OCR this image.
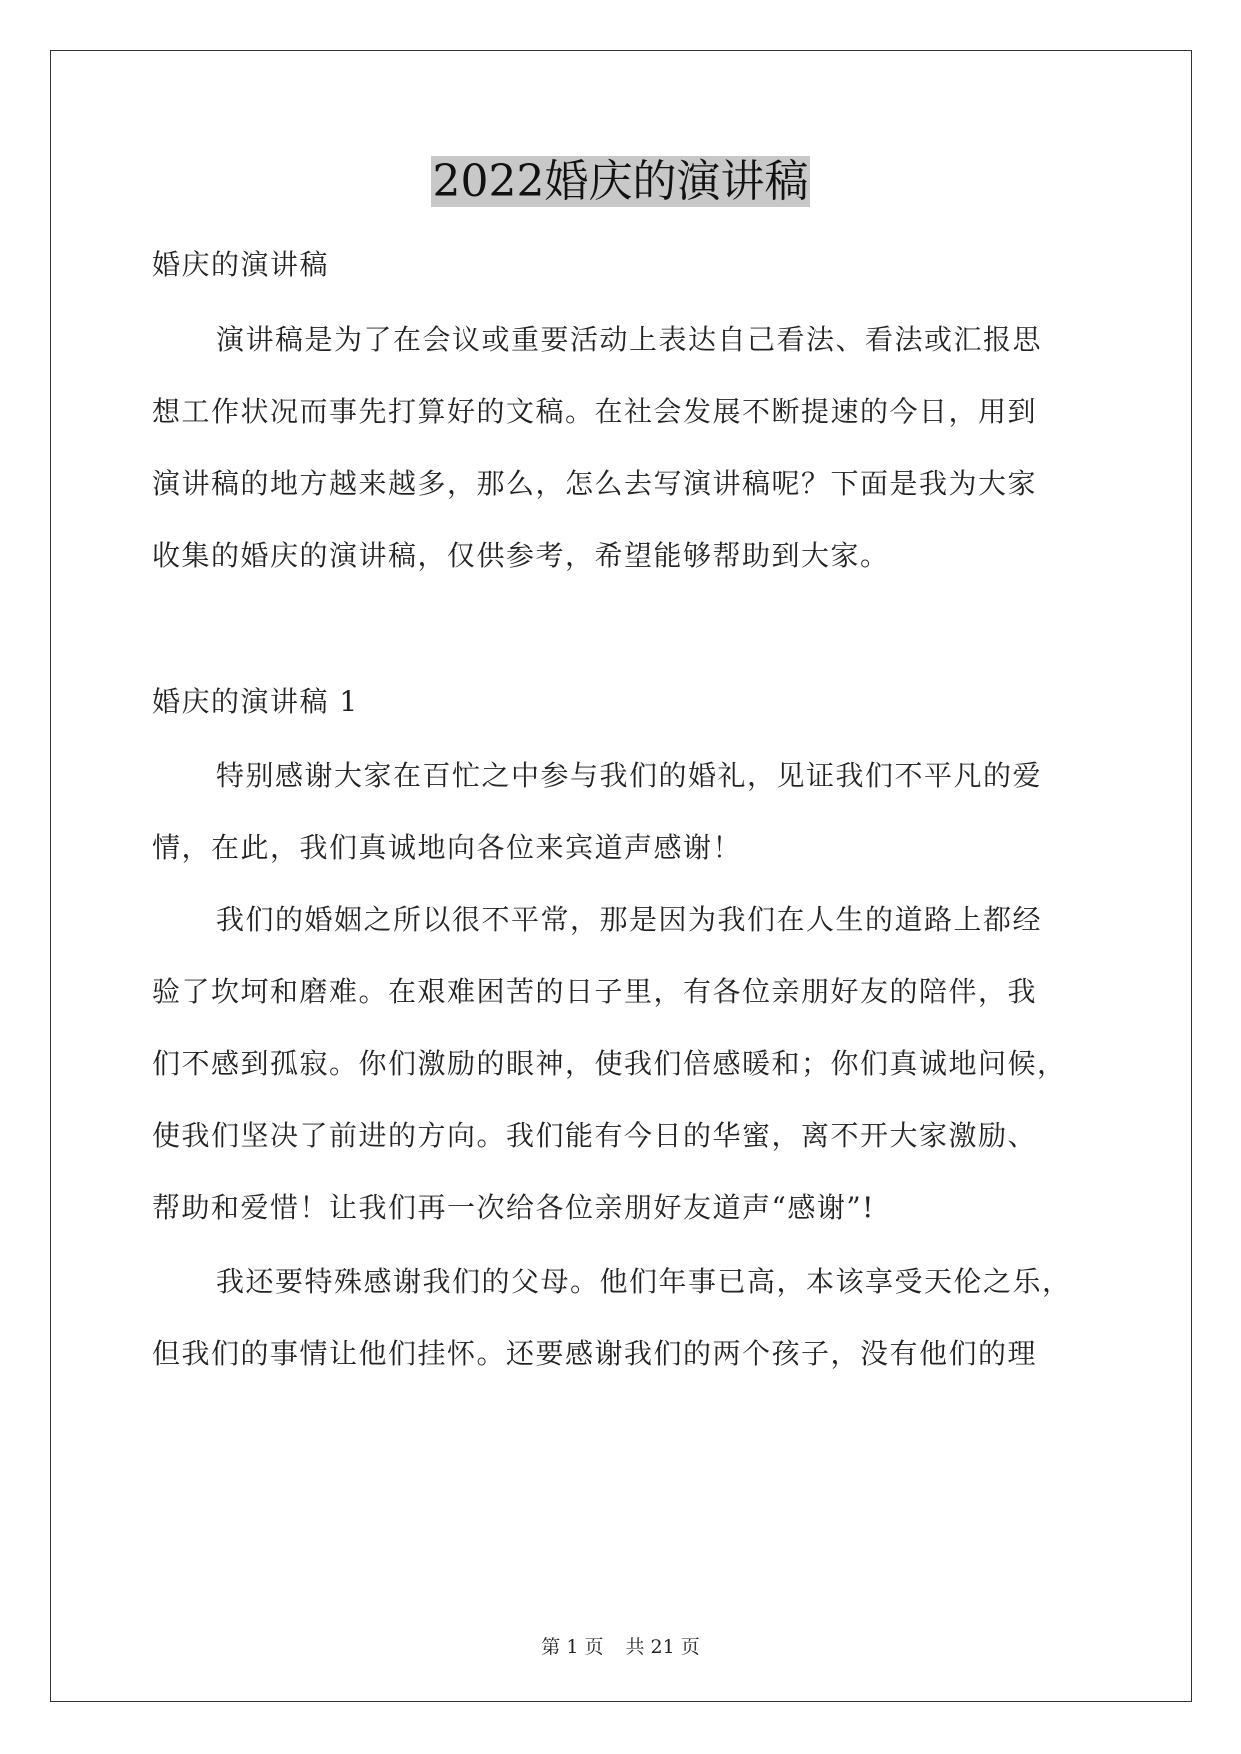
2022婚庆的演讲稿
婚庆的演讲稿
演讲稿是为了在会议或重要活动上表达自己看法、看法或汇报思
想工作状况而事先打算好的文稿。在社会发展不断提速的今日，用到
演讲稿的地方越来越多，那么，怎么去写演讲稿呢？下面是我为大家
收集的婚庆的演讲稿，仅供参考，希望能够帮助到大家。
婚庆的演讲稿 1
特别感谢大家在百忙之中参与我们的婚礼，见证我们不平凡的爱
情，在此，我们真诚地向各位来宾道声感谢！
我们的婚姻之所以很不平常，那是因为我们在人生的道路上都经
验了坎坷和磨难。在艰难困苦的日子里，有各位亲朋好友的陪伴，我
们不感到孤寂。你们激励的眼神，使我们倍感暖和；你们真诚地问候，
使我们坚决了前进的方向。我们能有今日的华蜜，离不开大家激励、
帮助和爱惜！让我们再一次给各位亲朋好友道声“感谢”!
我还要特殊感谢我们的父母。他们年事已高，本该享受天伦之乐，
但我们的事情让他们挂怀。还要感谢我们的两个孩子，没有他们的理
第 1 页 共 21 页
